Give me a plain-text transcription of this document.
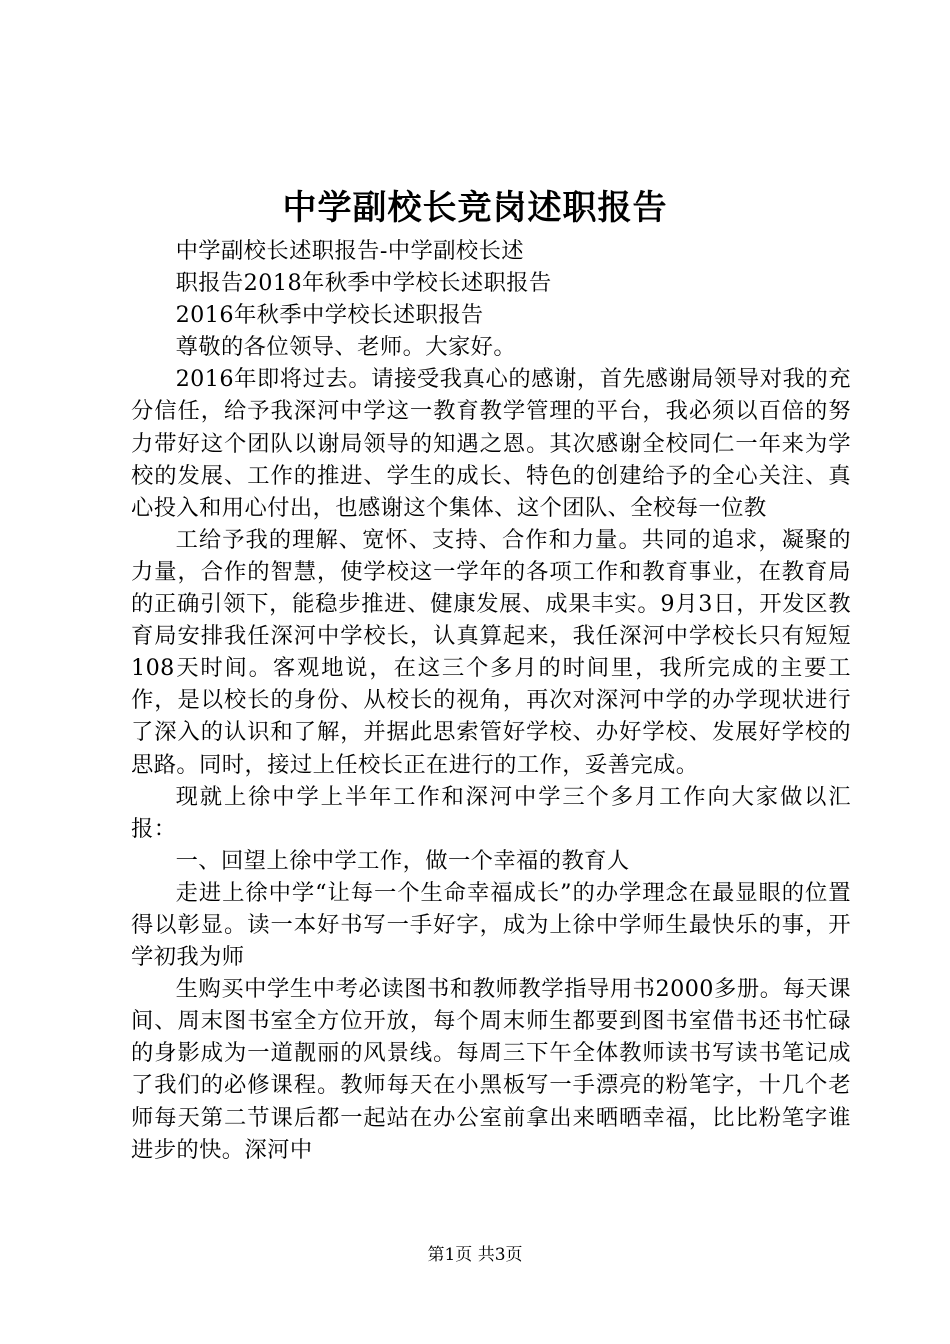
中学副校长竞岗述职报告

中学副校长述职报告-中学副校长述

职报告2018年秋季中学校长述职报告

2016年秋季中学校长述职报告

尊敬的各位领导、老师。大家好。

2016年即将过去。请接受我真心的感谢，首先感谢局领导对我的充分信任，给予我深河中学这一教育教学管理的平台，我必须以百倍的努力带好这个团队以谢局领导的知遇之恩。其次感谢全校同仁一年来为学校的发展、工作的推进、学生的成长、特色的创建给予的全心关注、真心投入和用心付出，也感谢这个集体、这个团队、全校每一位教

工给予我的理解、宽怀、支持、合作和力量。共同的追求，凝聚的力量，合作的智慧，使学校这一学年的各项工作和教育事业，在教育局的正确引领下，能稳步推进、健康发展、成果丰实。9月3日，开发区教育局安排我任深河中学校长，认真算起来，我任深河中学校长只有短短108天时间。客观地说，在这三个多月的时间里，我所完成的主要工作，是以校长的身份、从校长的视角，再次对深河中学的办学现状进行了深入的认识和了解，并据此思索管好学校、办好学校、发展好学校的思路。同时，接过上任校长正在进行的工作，妥善完成。

现就上徐中学上半年工作和深河中学三个多月工作向大家做以汇报：

一、回望上徐中学工作，做一个幸福的教育人

走进上徐中学“让每一个生命幸福成长”的办学理念在最显眼的位置得以彰显。读一本好书写一手好字，成为上徐中学师生最快乐的事，开学初我为师

生购买中学生中考必读图书和教师教学指导用书2000多册。每天课间、周末图书室全方位开放，每个周末师生都要到图书室借书还书忙碌的身影成为一道靓丽的风景线。每周三下午全体教师读书写读书笔记成了我们的必修课程。教师每天在小黑板写一手漂亮的粉笔字，十几个老师每天第二节课后都一起站在办公室前拿出来晒晒幸福，比比粉笔字谁进步的快。深河中

第1页 共3页
